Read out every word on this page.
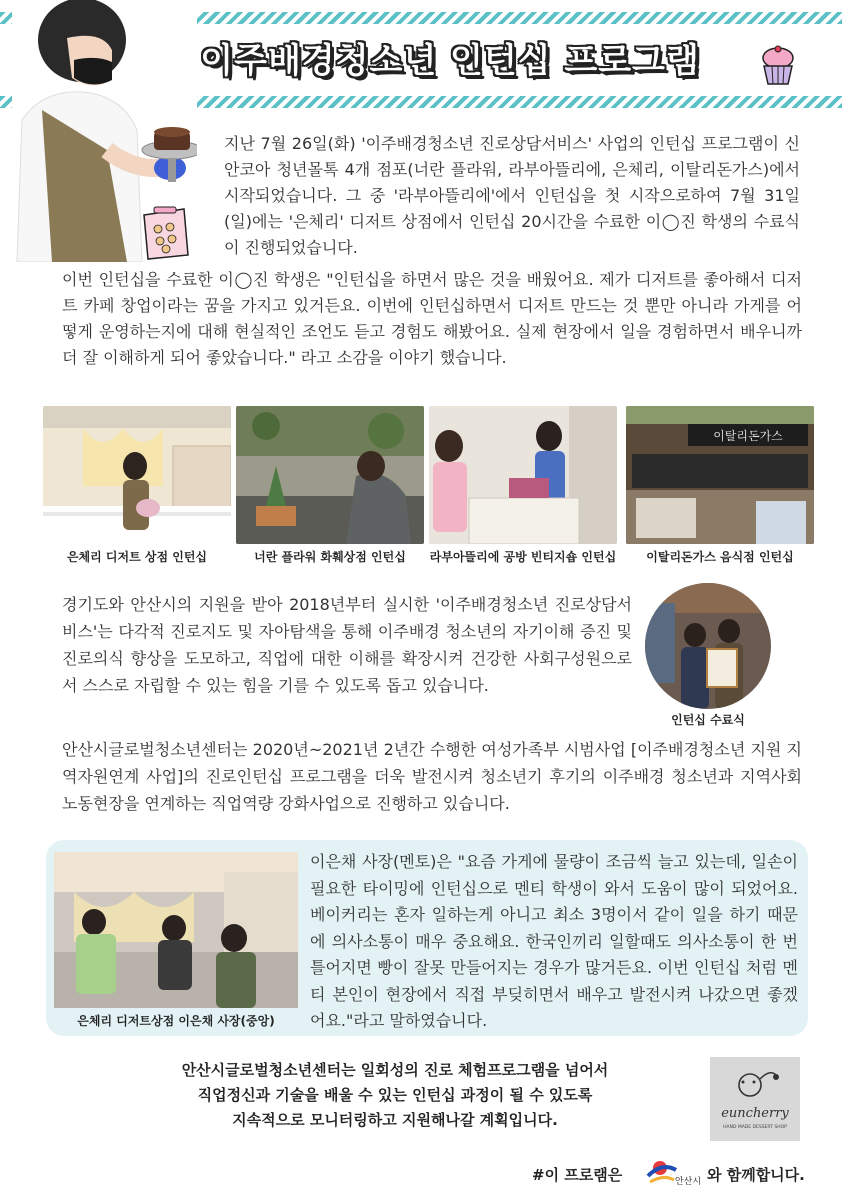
이주배경청소년 인턴십 프로그램
지난 7월 26일(화) '이주배경청소년 진로상담서비스' 사업의 인턴십 프로그램이 신안코아 청년몰톡 4개 점포(너란 플라워, 라부아뜰리에, 은체리, 이탈리돈가스)에서 시작되었습니다. 그 중 '라부아뜰리에'에서 인턴십을 첫 시작으로하여 7월 31일(일)에는 '은체리' 디저트 상점에서 인턴십 20시간을 수료한 이◯진 학생의 수료식이 진행되었습니다.
이번 인턴십을 수료한 이◯진 학생은 "인턴십을 하면서 많은 것을 배웠어요. 제가 디저트를 좋아해서 디저트 카페 창업이라는 꿈을 가지고 있거든요. 이번에 인턴십하면서 디저트 만드는 것 뿐만 아니라 가게를 어떻게 운영하는지에 대해 현실적인 조언도 듣고 경험도 해봤어요. 실제 현장에서 일을 경험하면서 배우니까 더 잘 이해하게 되어 좋았습니다." 라고 소감을 이야기 했습니다.
은체리 디저트 상점 인턴십	너란 플라워 화훼상점 인턴십	라부아뜰리에 공방 빈티지숍 인턴십
이탈리돈가스
이탈리돈가스 음식점 인턴십
경기도와 안산시의 지원을 받아 2018년부터 실시한 '이주배경청소년 진로상담서비스'는 다각적 진로지도 및 자아탐색을 통해 이주배경 청소년의 자기이해 증진 및 진로의식 향상을 도모하고, 직업에 대한 이해를 확장시켜 건강한 사회구성원으로서 스스로 자립할 수 있는 힘을 기를 수 있도록 돕고 있습니다.
인턴십 수료식
안산시글로벌청소년센터는 2020년~2021년 2년간 수행한 여성가족부 시범사업 [이주배경청소년 지원 지역자원연계 사업]의 진로인턴십 프로그램을 더욱 발전시켜 청소년기 후기의 이주배경 청소년과 지역사회 노동현장을 연계하는 직업역량 강화사업으로 진행하고 있습니다.
은체리 디저트상점 이은채 사장(중앙)
이은채 사장(멘토)은 "요즘 가게에 물량이 조금씩 늘고 있는데, 일손이 필요한 타이밍에 인턴십으로 멘티 학생이 와서 도움이 많이 되었어요. 베이커리는 혼자 일하는게 아니고 최소 3명이서 같이 일을 하기 때문에 의사소통이 매우 중요해요. 한국인끼리 일할때도 의사소통이 한 번 틀어지면 빵이 잘못 만들어지는 경우가 많거든요. 이번 인턴십 처럼 멘티 본인이 현장에서 직접 부딪히면서 배우고 발전시켜 나갔으면 좋겠어요."라고 말하였습니다.
안산시글로벌청소년센터는 일회성의 진로 체험프로그램을 넘어서
직업정신과 기술을 배울 수 있는 인턴십 과정이 될 수 있도록
지속적으로 모니터링하고 지원해나갈 계획입니다.	euncherry
HAND MADE DESSERT SHOP
#이 프로램은	안산시 와 함께합니다.
